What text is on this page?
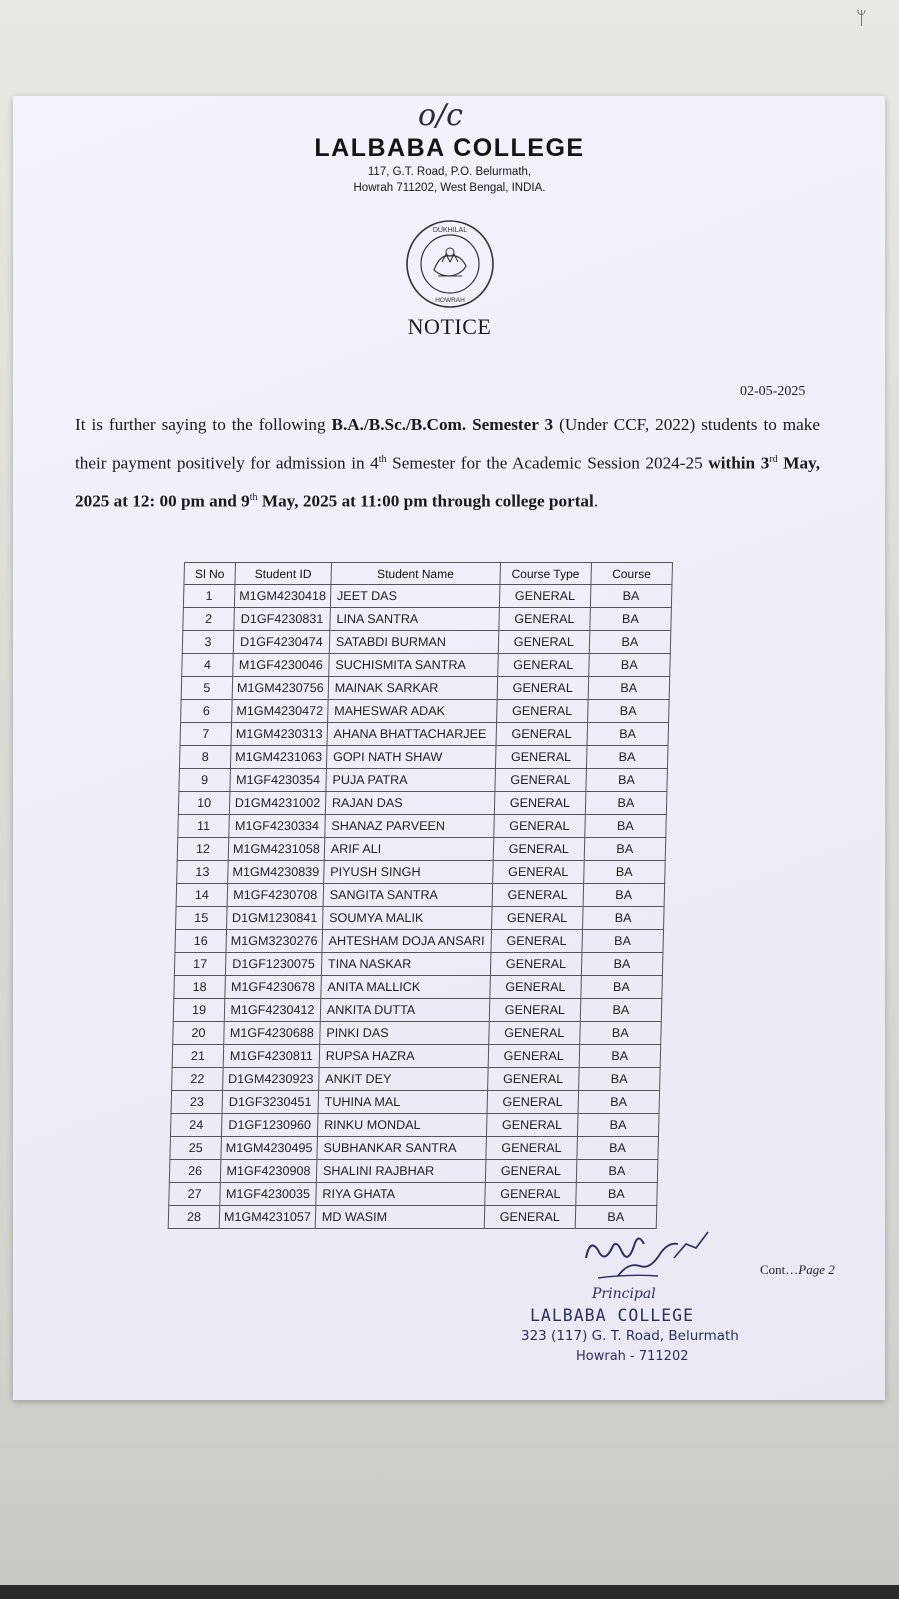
ᛘ
o/c
LALBABA COLLEGE
117, G.T. Road, P.O. Belurmath,
Howrah 711202, West Bengal, INDIA.
DUKHILAL
HOWRAH
NOTICE
02-05-2025
It is further saying to the following B.A./B.Sc./B.Com. Semester 3 (Under CCF, 2022) students to make their payment positively for admission in 4th Semester for the Academic Session 2024-25 within 3rd May, 2025 at 12: 00 pm and 9th May, 2025 at 11:00 pm through college portal.
Sl No	Student ID	Student Name	Course Type	Course
1	M1GM4230418	JEET DAS	GENERAL	BA
2	D1GF4230831	LINA SANTRA	GENERAL	BA
3	D1GF4230474	SATABDI BURMAN	GENERAL	BA
4	M1GF4230046	SUCHISMITA SANTRA	GENERAL	BA
5	M1GM4230756	MAINAK SARKAR	GENERAL	BA
6	M1GM4230472	MAHESWAR ADAK	GENERAL	BA
7	M1GM4230313	AHANA BHATTACHARJEE	GENERAL	BA
8	M1GM4231063	GOPI NATH SHAW	GENERAL	BA
9	M1GF4230354	PUJA PATRA	GENERAL	BA
10	D1GM4231002	RAJAN DAS	GENERAL	BA
11	M1GF4230334	SHANAZ PARVEEN	GENERAL	BA
12	M1GM4231058	ARIF ALI	GENERAL	BA
13	M1GM4230839	PIYUSH SINGH	GENERAL	BA
14	M1GF4230708	SANGITA SANTRA	GENERAL	BA
15	D1GM1230841	SOUMYA MALIK	GENERAL	BA
16	M1GM3230276	AHTESHAM DOJA ANSARI	GENERAL	BA
17	D1GF1230075	TINA NASKAR	GENERAL	BA
18	M1GF4230678	ANITA MALLICK	GENERAL	BA
19	M1GF4230412	ANKITA DUTTA	GENERAL	BA
20	M1GF4230688	PINKI DAS	GENERAL	BA
21	M1GF4230811	RUPSA HAZRA	GENERAL	BA
22	D1GM4230923	ANKIT DEY	GENERAL	BA
23	D1GF3230451	TUHINA MAL	GENERAL	BA
24	D1GF1230960	RINKU MONDAL	GENERAL	BA
25	M1GM4230495	SUBHANKAR SANTRA	GENERAL	BA
26	M1GF4230908	SHALINI RAJBHAR	GENERAL	BA
27	M1GF4230035	RIYA GHATA	GENERAL	BA
28	M1GM4231057	MD WASIM	GENERAL	BA
Cont…Page 2
Principal
LALBABA COLLEGE
323 (117) G. T. Road, Belurmath
Howrah - 711202
